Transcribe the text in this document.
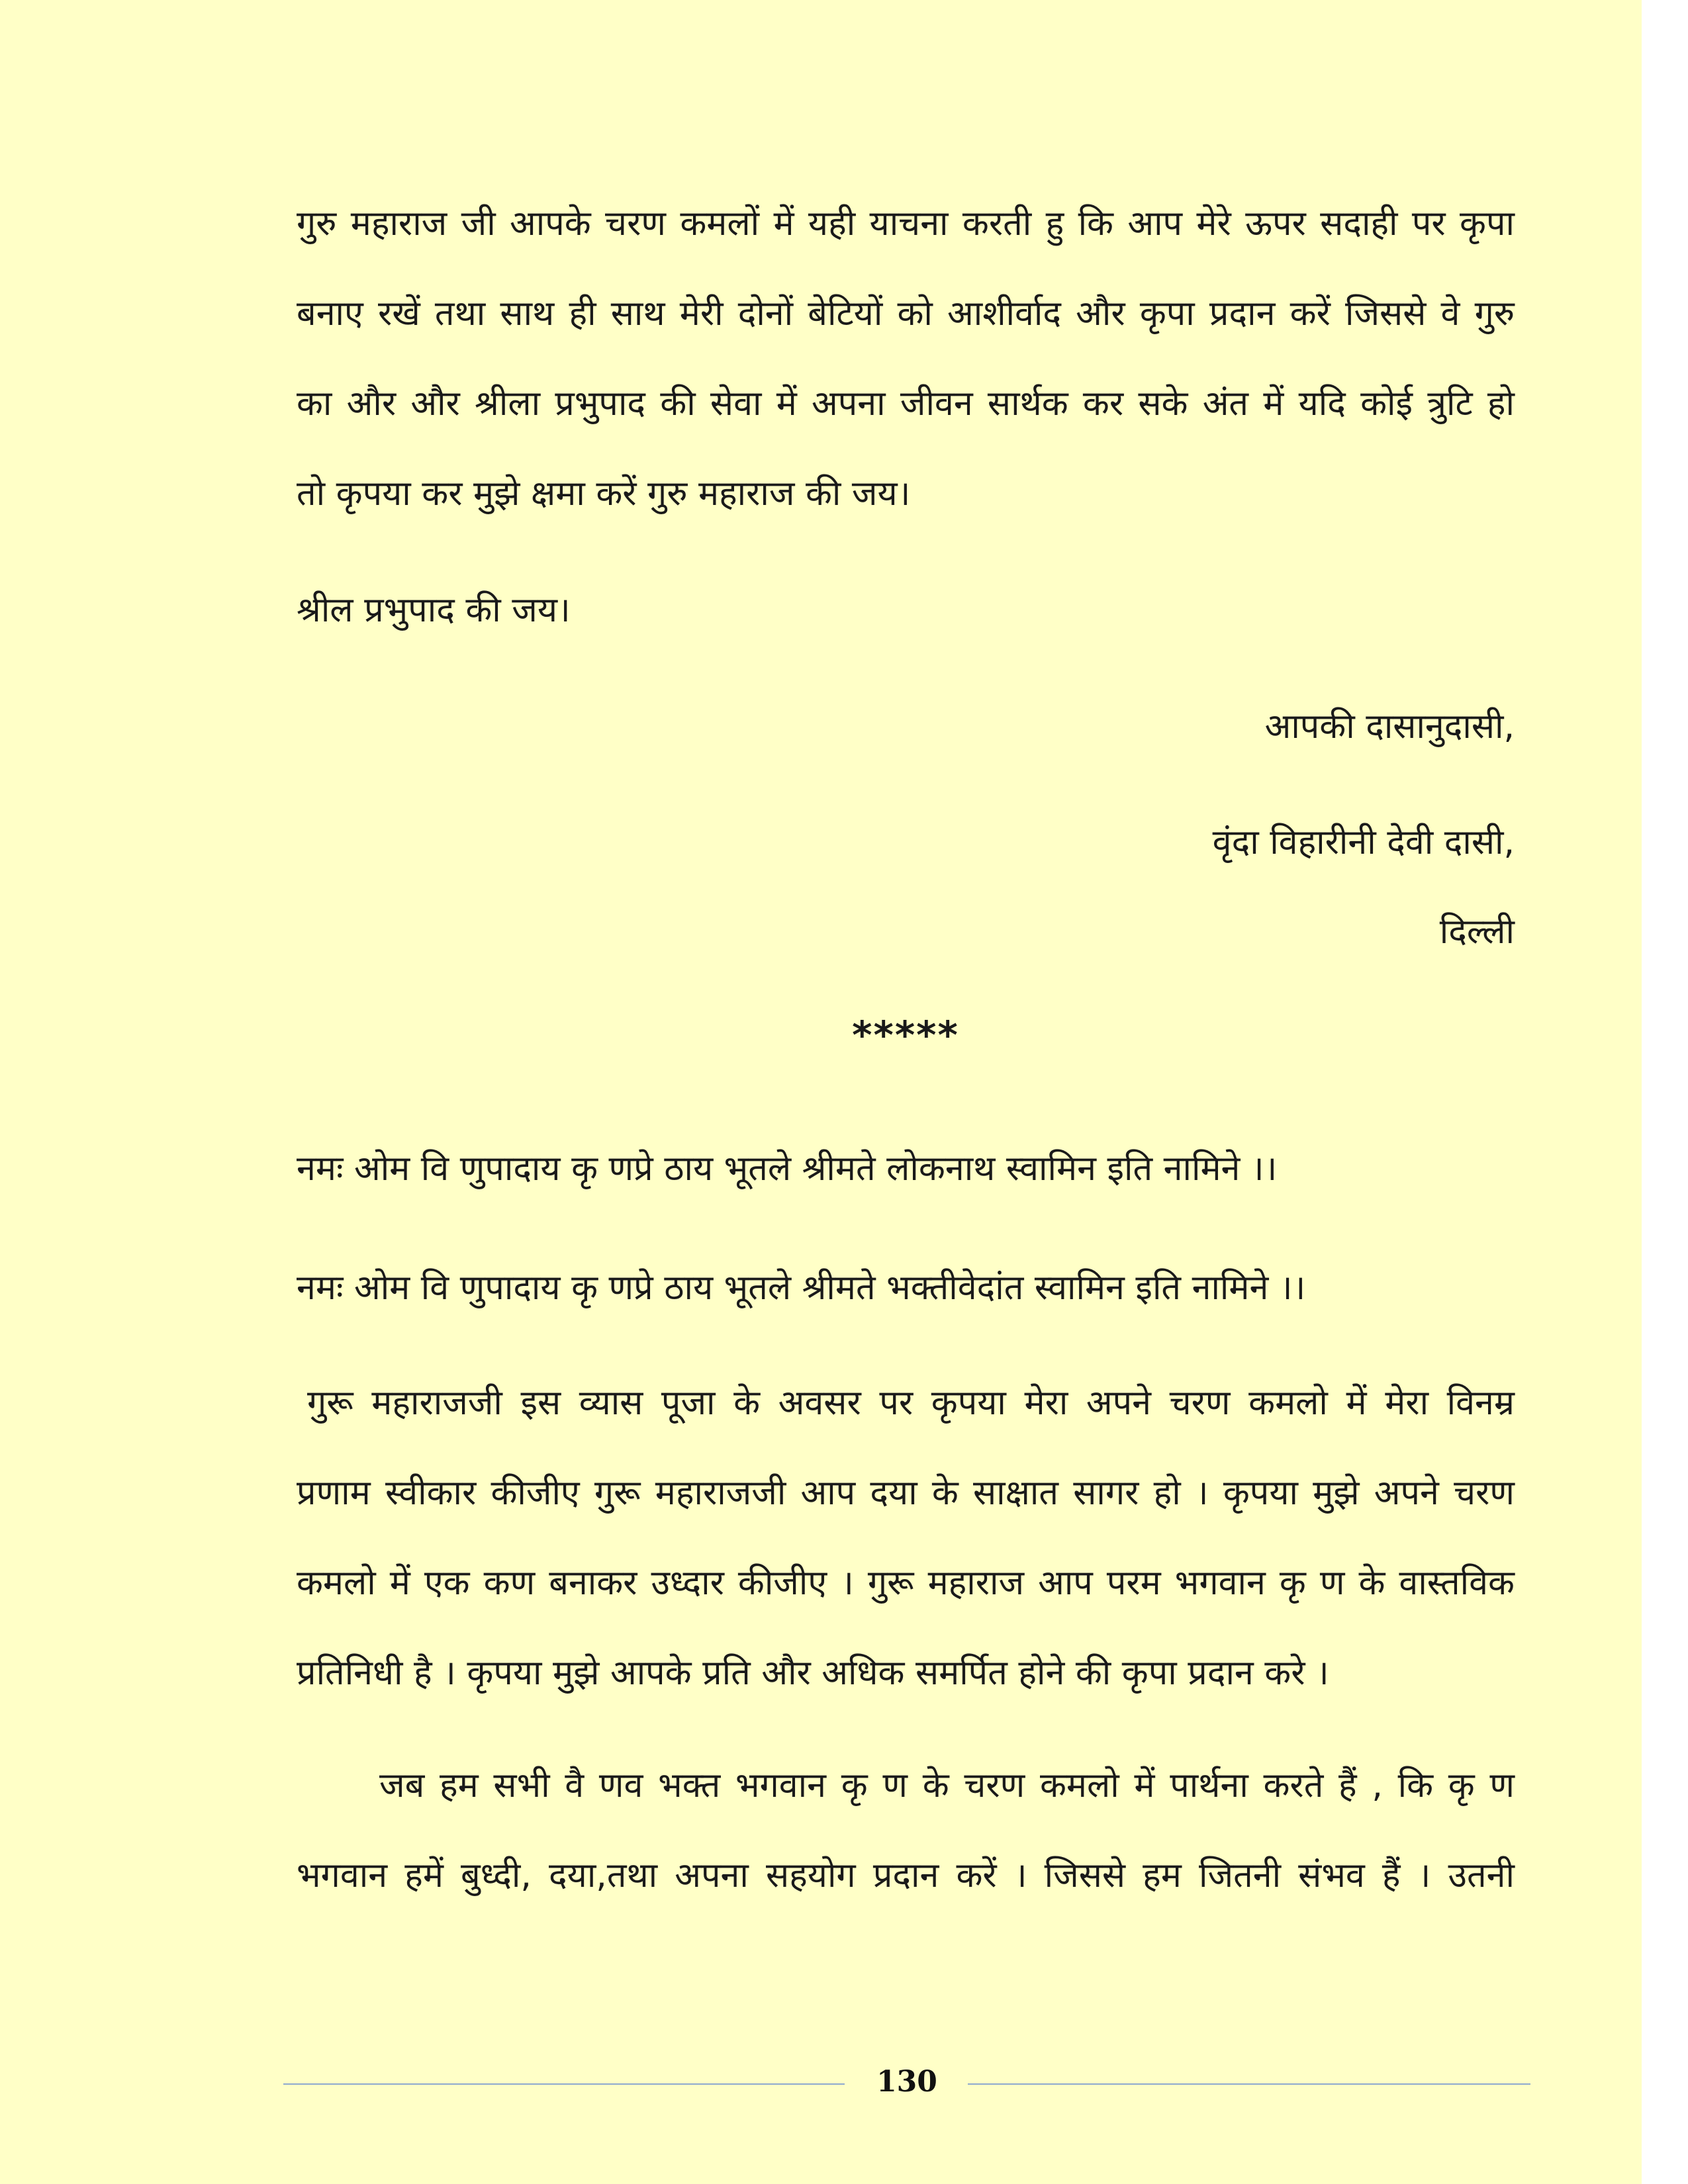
गुरु महाराज जी आपके चरण कमलों में यही याचना करती हु कि आप मेरे ऊपर सदाही पर कृपा
बनाए रखें तथा साथ ही साथ मेरी दोनों बेटियों को आशीर्वाद और कृपा प्रदान करें जिससे वे गुरु
का और और श्रीला प्रभुपाद की सेवा में अपना जीवन सार्थक कर सके अंत में यदि कोई त्रुटि हो
तो कृपया कर मुझे क्षमा करें गुरु महाराज की जय।
श्रील प्रभुपाद की जय।
आपकी दासानुदासी,
वृंदा विहारीनी देवी दासी,
दिल्ली
*****
नमः ओम वि णुपादाय कृ णप्रे ठाय भूतले श्रीमते लोकनाथ स्वामिन इति नामिने ।।
नमः ओम वि णुपादाय कृ णप्रे ठाय भूतले श्रीमते भक्तीवेदांत स्वामिन इति नामिने ।।
गुरू महाराजजी इस व्यास पूजा के अवसर पर कृपया मेरा अपने चरण कमलो में मेरा विनम्र
प्रणाम स्वीकार कीजीए गुरू महाराजजी आप दया के साक्षात सागर हो । कृपया मुझे अपने चरण
कमलो में एक कण बनाकर उध्दार कीजीए । गुरू महाराज आप परम भगवान कृ ण के वास्तविक
प्रतिनिधी है । कृपया मुझे आपके प्रति और अधिक समर्पित होने की कृपा प्रदान करे ।
जब हम सभी वै णव भक्त भगवान कृ ण के चरण कमलो में पार्थना करते हैं , कि कृ ण
भगवान हमें बुध्दी, दया,तथा अपना सहयोग प्रदान करें । जिससे हम जितनी संभव हैं । उतनी
130
